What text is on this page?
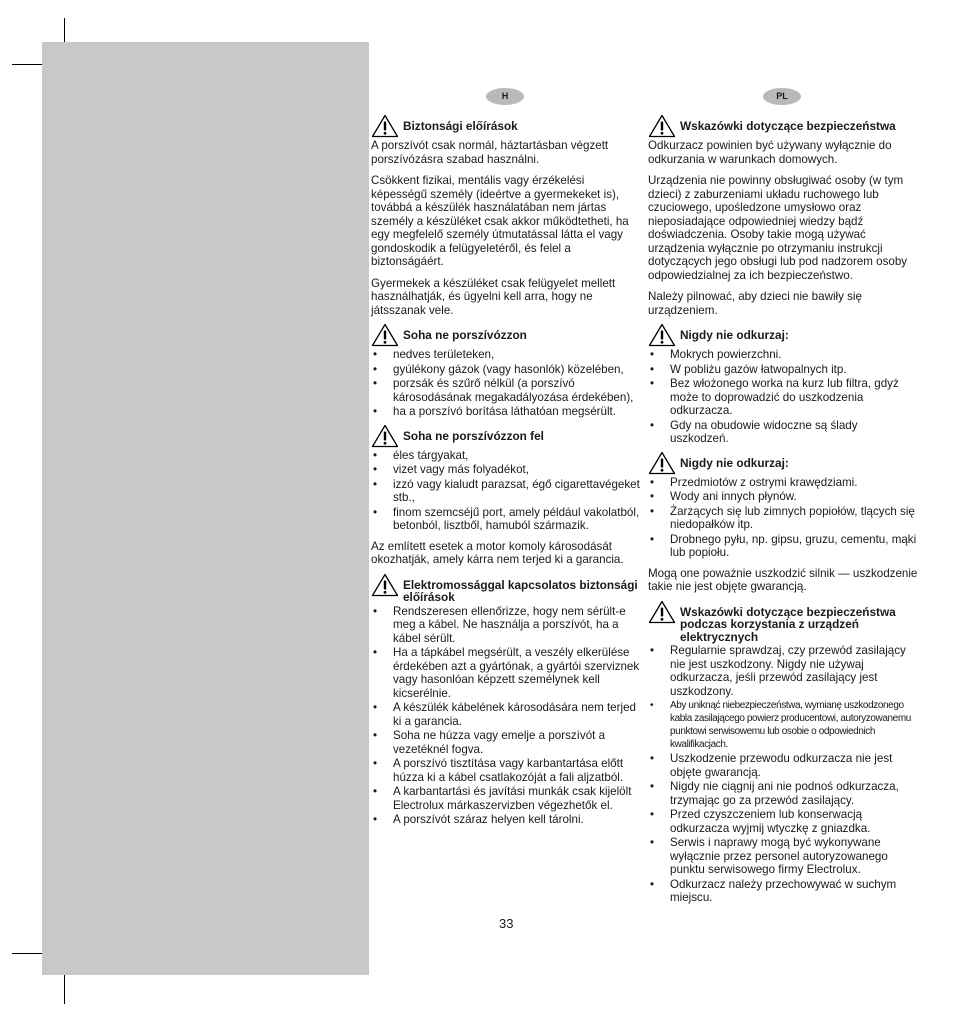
H
Biztonsági előírások

A porszívót csak normál, háztartásban végzett porszívózásra szabad használni.

Csökkent fizikai, mentális vagy érzékelési képességű személy (ideértve a gyermekeket is), továbbá a készülék használatában nem jártas személy a készüléket csak akkor működtetheti, ha egy megfelelő személy útmutatással látta el vagy gondoskodik a felügyeletéről, és felel a biztonságáért.

Gyermekek a készüléket csak felügyelet mellett használhatják, és ügyelni kell arra, hogy ne játsszanak vele.

Soha ne porszívózzon
• nedves területeken,
• gyúlékony gázok (vagy hasonlók) közelében,
• porzsák és szűrő nélkül (a porszívó károsodásának megakadályozása érdekében),
• ha a porszívó borítása láthatóan megsérült.
Soha ne porszívózzon fel
• éles tárgyakat,
• vizet vagy más folyadékot,
• izzó vagy kialudt parazsat, égő cigarettavégeket stb.,
• finom szemcséjű port, amely például vakolatból, betonból, lisztből, hamuból származik.

Az említett esetek a motor komoly károsodását okozhatják, amely kárra nem terjed ki a garancia.

Elektromossággal kapcsolatos biztonsági előírások
• Rendszeresen ellenőrizze, hogy nem sérült-e meg a kábel. Ne használja a porszívót, ha a kábel sérült.
• Ha a tápkábel megsérült, a veszély elkerülése érdekében azt a gyártónak, a gyártói szerviznek vagy hasonlóan képzett személynek kell kicserélnie.
• A készülék kábelének károsodására nem terjed ki a garancia.
• Soha ne húzza vagy emelje a porszívót a vezetéknél fogva.
• A porszívó tisztítása vagy karbantartása előtt húzza ki a kábel csatlakozóját a fali aljzatból.
• A karbantartási és javítási munkák csak kijelölt Electrolux márkaszervizben végezhetők el.
• A porszívót száraz helyen kell tárolni.
PL
Wskazówki dotyczące bezpieczeństwa

Odkurzacz powinien być używany wyłącznie do odkurzania w warunkach domowych.

Urządzenia nie powinny obsługiwać osoby (w tym dzieci) z zaburzeniami układu ruchowego lub czuciowego, upośledzone umysłowo oraz nieposiadające odpowiedniej wiedzy bądź doświadczenia. Osoby takie mogą używać urządzenia wyłącznie po otrzymaniu instrukcji dotyczących jego obsługi lub pod nadzorem osoby odpowiedzialnej za ich bezpieczeństwo.

Należy pilnować, aby dzieci nie bawiły się urządzeniem.

Nigdy nie odkurzaj:
• Mokrych powierzchni.
• W pobliżu gazów łatwopalnych itp.
• Bez włożonego worka na kurz lub filtra, gdyż może to doprowadzić do uszkodzenia odkurzacza.
• Gdy na obudowie widoczne są ślady uszkodzeń.
Nigdy nie odkurzaj:
• Przedmiotów z ostrymi krawędziami.
• Wody ani innych płynów.
• Żarzących się lub zimnych popiołów, tlących się niedopałków itp.
• Drobnego pyłu, np. gipsu, gruzu, cementu, mąki lub popiołu.

Mogą one poważnie uszkodzić silnik — uszkodzenie takie nie jest objęte gwarancją.

Wskazówki dotyczące bezpieczeństwa podczas korzystania z urządzeń elektrycznych
• Regularnie sprawdzaj, czy przewód zasilający nie jest uszkodzony. Nigdy nie używaj odkurzacza, jeśli przewód zasilający jest uszkodzony.
• Aby uniknąć niebezpieczeństwa, wymianę uszkodzonego kabla zasilającego powierz producentowi, autoryzowanemu punktowi serwisowemu lub osobie o odpowiednich kwalifikacjach.
• Uszkodzenie przewodu odkurzacza nie jest objęte gwarancją.
• Nigdy nie ciągnij ani nie podnoś odkurzacza, trzymając go za przewód zasilający.
• Przed czyszczeniem lub konserwacją odkurzacza wyjmij wtyczkę z gniazdka.
• Serwis i naprawy mogą być wykonywane wyłącznie przez personel autoryzowanego punktu serwisowego firmy Electrolux.
• Odkurzacz należy przechowywać w suchym miejscu.
33
